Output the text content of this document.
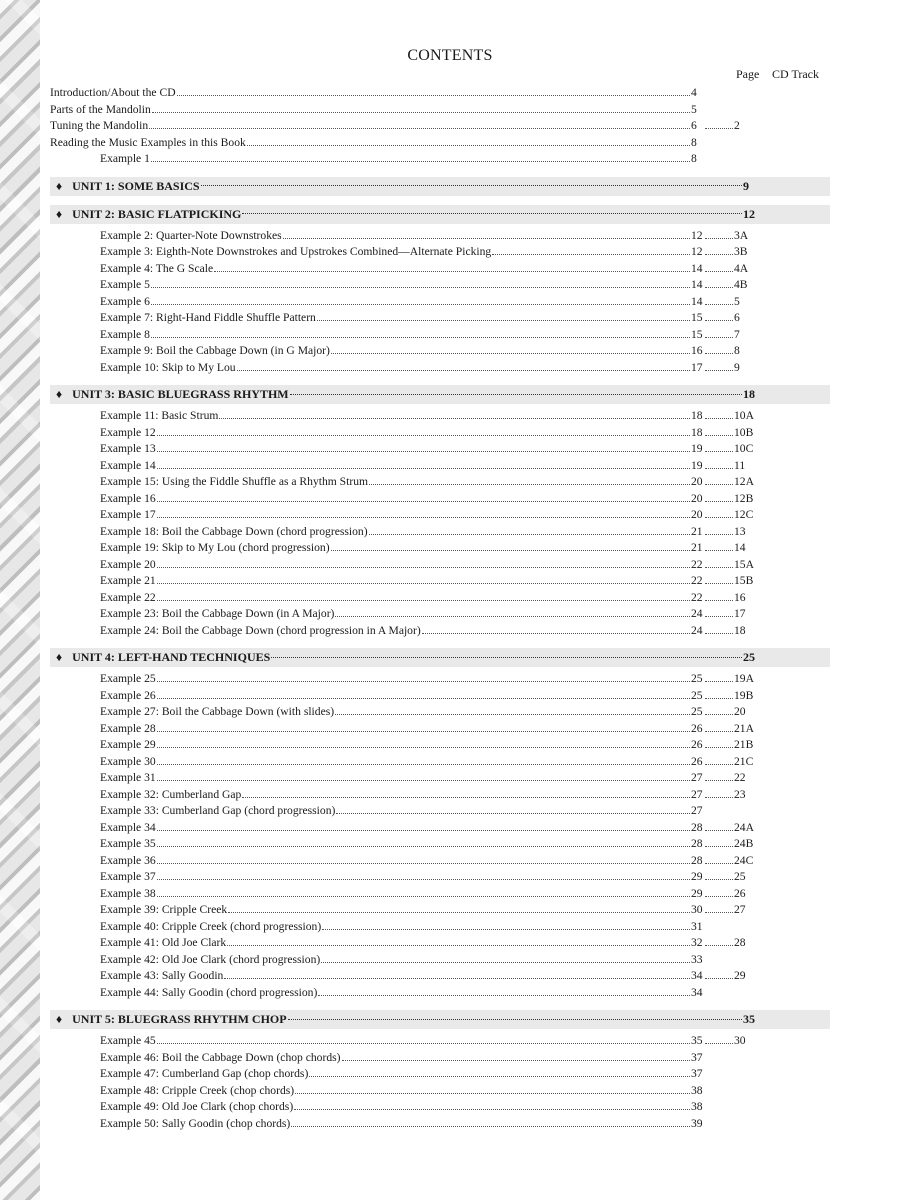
CONTENTS
Page CD Track
Introduction/About the CD	4
Parts of the Mandolin	5
Tuning the Mandolin	6	2
Reading the Music Examples in this Book	8
Example 1	8
♦ UNIT 1: SOME BASICS	9
♦ UNIT 2: BASIC FLATPICKING	12
Example 2: Quarter-Note Downstrokes	12	3A
Example 3: Eighth-Note Downstrokes and Upstrokes Combined—Alternate Picking	12	3B
Example 4: The G Scale	14	4A
Example 5	14	4B
Example 6	14	5
Example 7: Right-Hand Fiddle Shuffle Pattern	15	6
Example 8	15	7
Example 9: Boil the Cabbage Down (in G Major)	16	8
Example 10: Skip to My Lou	17	9
♦ UNIT 3: BASIC BLUEGRASS RHYTHM	18
Example 11: Basic Strum	18	10A
Example 12	18	10B
Example 13	19	10C
Example 14	19	11
Example 15: Using the Fiddle Shuffle as a Rhythm Strum	20	12A
Example 16	20	12B
Example 17	20	12C
Example 18: Boil the Cabbage Down (chord progression)	21	13
Example 19: Skip to My Lou (chord progression)	21	14
Example 20	22	15A
Example 21	22	15B
Example 22	22	16
Example 23: Boil the Cabbage Down (in A Major)	24	17
Example 24: Boil the Cabbage Down (chord progression in A Major)	24	18
♦ UNIT 4: LEFT-HAND TECHNIQUES	25
Example 25	25	19A
Example 26	25	19B
Example 27: Boil the Cabbage Down (with slides)	25	20
Example 28	26	21A
Example 29	26	21B
Example 30	26	21C
Example 31	27	22
Example 32: Cumberland Gap	27	23
Example 33: Cumberland Gap (chord progression)	27
Example 34	28	24A
Example 35	28	24B
Example 36	28	24C
Example 37	29	25
Example 38	29	26
Example 39: Cripple Creek	30	27
Example 40: Cripple Creek (chord progression)	31
Example 41: Old Joe Clark	32	28
Example 42: Old Joe Clark (chord progression)	33
Example 43: Sally Goodin	34	29
Example 44: Sally Goodin (chord progression)	34
♦ UNIT 5: BLUEGRASS RHYTHM CHOP	35
Example 45	35	30
Example 46: Boil the Cabbage Down (chop chords)	37
Example 47: Cumberland Gap (chop chords)	37
Example 48: Cripple Creek (chop chords)	38
Example 49: Old Joe Clark (chop chords)	38
Example 50: Sally Goodin (chop chords)	39
